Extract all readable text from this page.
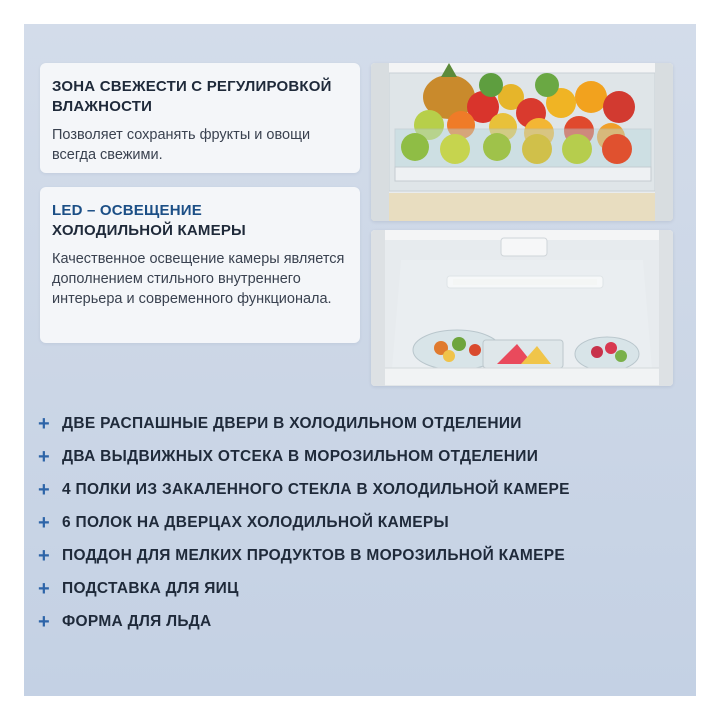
ЗОНА СВЕЖЕСТИ С РЕГУЛИРОВКОЙ ВЛАЖНОСТИ

Позволяет сохранять фрукты и овощи всегда свежими.

LED – ОСВЕЩЕНИЕ
ХОЛОДИЛЬНОЙ КАМЕРЫ

Качественное освещение камеры является дополнением стильного внутреннего интерьера и современного функционала.
+ ДВЕ РАСПАШНЫЕ ДВЕРИ В ХОЛОДИЛЬНОМ ОТДЕЛЕНИИ
+ ДВА ВЫДВИЖНЫХ ОТСЕКА В МОРОЗИЛЬНОМ ОТДЕЛЕНИИ
+ 4 ПОЛКИ ИЗ ЗАКАЛЕННОГО СТЕКЛА В ХОЛОДИЛЬНОЙ КАМЕРЕ
+ 6 ПОЛОК НА ДВЕРЦАХ ХОЛОДИЛЬНОЙ КАМЕРЫ
+ ПОДДОН ДЛЯ МЕЛКИХ ПРОДУКТОВ В МОРОЗИЛЬНОЙ КАМЕРЕ
+ ПОДСТАВКА ДЛЯ ЯИЦ
+ ФОРМА ДЛЯ ЛЬДА
